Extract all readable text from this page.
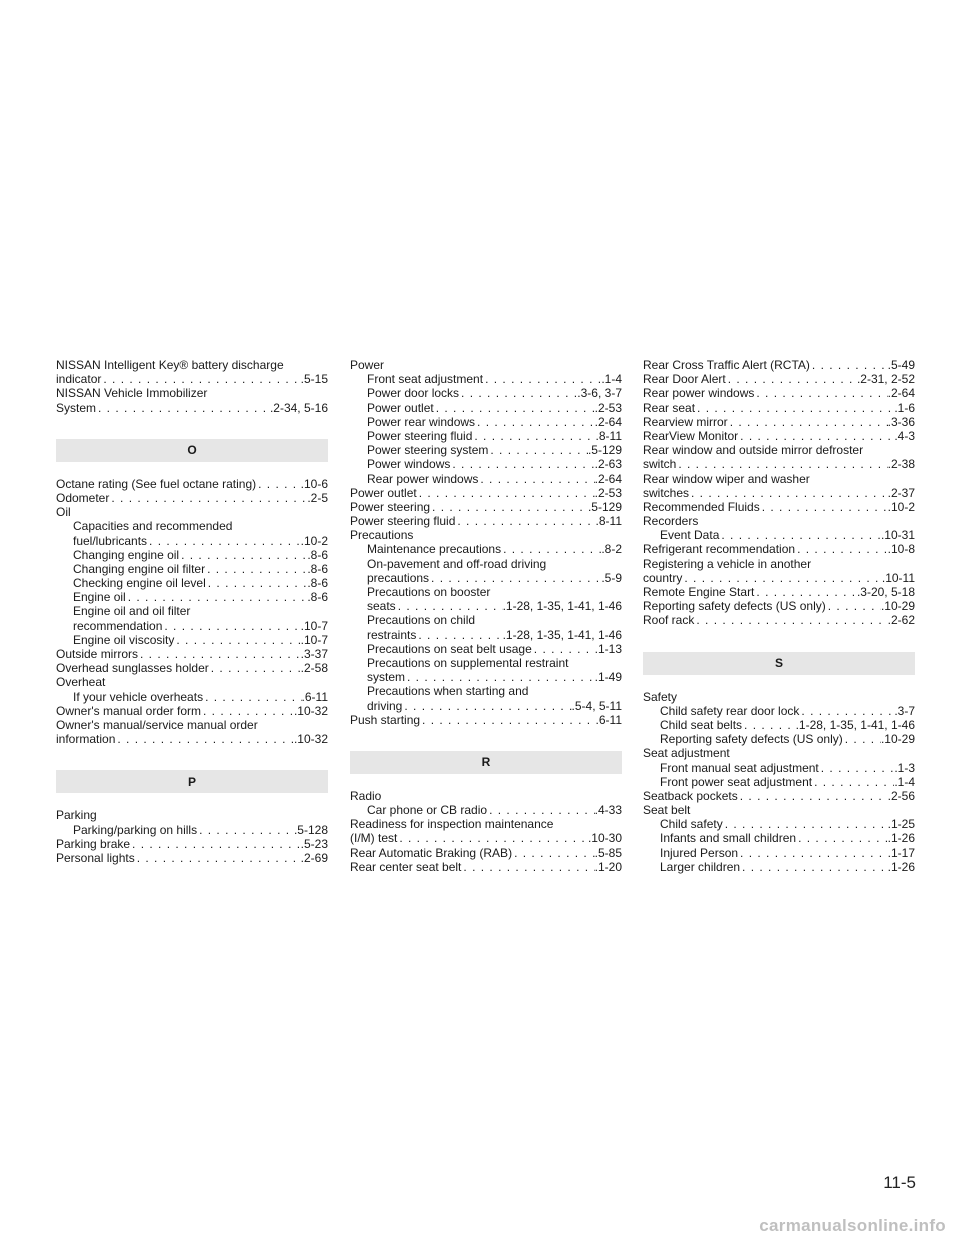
NISSAN Intelligent Key® battery discharge
indicator . . .	.5-15
NISSAN Vehicle Immobilizer
System . . .	.2-34, 5-16
O
Octane rating (See fuel octane rating) . . .	.10-6
Odometer . . .	.2-5
Oil
Capacities and recommended
fuel/lubricants . . .	.10-2
Changing engine oil . . .	.8-6
Changing engine oil filter . . .	.8-6
Checking engine oil level . . .	.8-6
Engine oil . . .	.8-6
Engine oil and oil filter
recommendation . . .	.10-7
Engine oil viscosity . . .	.10-7
Outside mirrors . . .	.3-37
Overhead sunglasses holder . . .	.2-58
Overheat
If your vehicle overheats . . .	.6-11
Owner's manual order form . . .	.10-32
Owner's manual/service manual order
information . . .	.10-32
P
Parking
Parking/parking on hills . . .	.5-128
Parking brake . . .	.5-23
Personal lights . . .	.2-69
Power
Front seat adjustment . . .	.1-4
Power door locks . . .	.3-6, 3-7
Power outlet . . .	.2-53
Power rear windows . . .	.2-64
Power steering fluid . . .	.8-11
Power steering system . . .	.5-129
Power windows . . .	.2-63
Rear power windows . . .	.2-64
Power outlet . . .	.2-53
Power steering . . .	.5-129
Power steering fluid . . .	.8-11
Precautions
Maintenance precautions . . .	.8-2
On-pavement and off-road driving
precautions . . .	.5-9
Precautions on booster
seats . . .	.1-28, 1-35, 1-41, 1-46
Precautions on child
restraints . . .	.1-28, 1-35, 1-41, 1-46
Precautions on seat belt usage . . .	.1-13
Precautions on supplemental restraint
system . . .	.1-49
Precautions when starting and
driving . . .	.5-4, 5-11
Push starting . . .	.6-11
R
Radio
Car phone or CB radio . . .	.4-33
Readiness for inspection maintenance
(I/M) test . . .	.10-30
Rear Automatic Braking (RAB) . . .	.5-85
Rear center seat belt . . .	.1-20
Rear Cross Traffic Alert (RCTA) . . .	.5-49
Rear Door Alert . . .	.2-31, 2-52
Rear power windows . . .	.2-64
Rear seat . . .	.1-6
Rearview mirror . . .	.3-36
RearView Monitor . . .	.4-3
Rear window and outside mirror defroster
switch . . .	.2-38
Rear window wiper and washer
switches . . .	.2-37
Recommended Fluids . . .	.10-2
Recorders
Event Data . . .	.10-31
Refrigerant recommendation . . .	.10-8
Registering a vehicle in another
country . . .	.10-11
Remote Engine Start . . .	.3-20, 5-18
Reporting safety defects (US only) . . .	.10-29
Roof rack . . .	.2-62
S
Safety
Child safety rear door lock . . .	.3-7
Child seat belts . . .	.1-28, 1-35, 1-41, 1-46
Reporting safety defects (US only) . . .	.10-29
Seat adjustment
Front manual seat adjustment . . .	.1-3
Front power seat adjustment . . .	.1-4
Seatback pockets . . .	.2-56
Seat belt
Child safety . . .	.1-25
Infants and small children . . .	.1-26
Injured Person . . .	.1-17
Larger children . . .	.1-26
11-5
carmanualsonline.info
